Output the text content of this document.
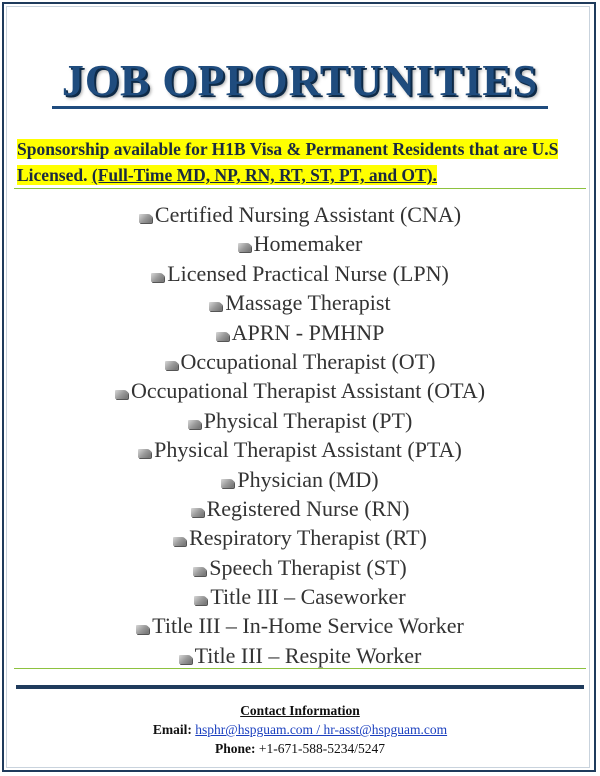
JOB OPPORTUNITIES
Sponsorship available for H1B Visa & Permanent Residents that are U.S Licensed. (Full-Time MD, NP, RN, RT, ST, PT, and OT).
Certified Nursing Assistant (CNA)
Homemaker
Licensed Practical Nurse (LPN)
Massage Therapist
APRN - PMHNP
Occupational Therapist (OT)
Occupational Therapist Assistant (OTA)
Physical Therapist (PT)
Physical Therapist Assistant (PTA)
Physician (MD)
Registered Nurse (RN)
Respiratory Therapist (RT)
Speech Therapist (ST)
Title III – Caseworker
Title III – In-Home Service Worker
Title III – Respite Worker
Contact Information
Email: hsphr@hspguam.com / hr-asst@hspguam.com
Phone: +1-671-588-5234/5247
